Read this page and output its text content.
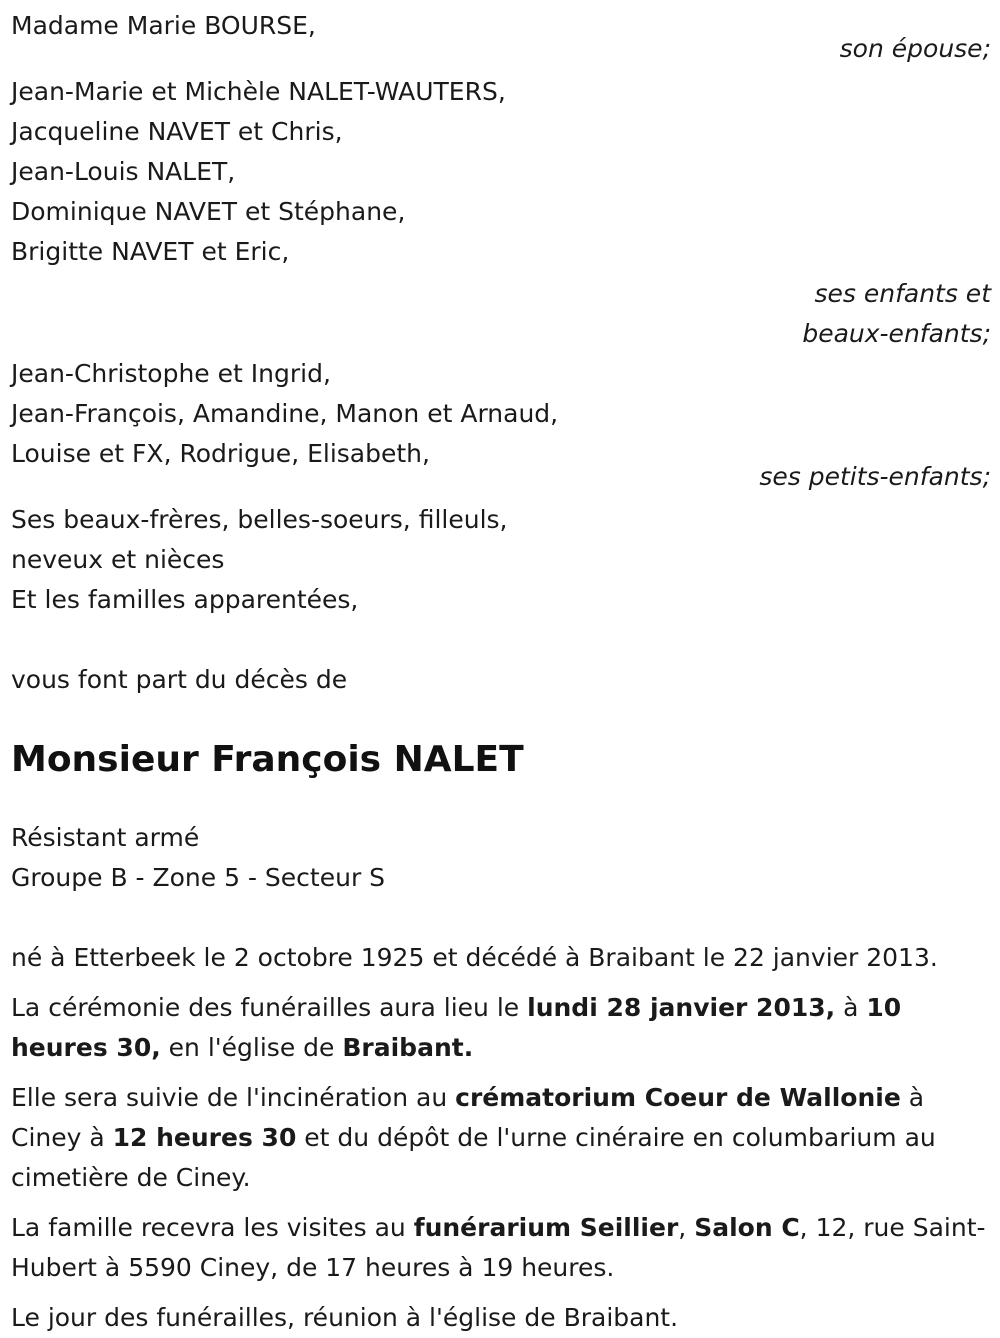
Madame Marie BOURSE,
son épouse;
Jean-Marie et Michèle NALET-WAUTERS,
Jacqueline NAVET et Chris,
Jean-Louis NALET,
Dominique NAVET et Stéphane,
Brigitte NAVET et Eric,
ses enfants et
beaux-enfants;
Jean-Christophe et Ingrid,
Jean-François, Amandine, Manon et Arnaud,
Louise et FX, Rodrigue, Elisabeth,
ses petits-enfants;
Ses beaux-frères, belles-soeurs, filleuls,
neveux et nièces
Et les familles apparentées,
vous font part du décès de
Monsieur François NALET
Résistant armé
Groupe B - Zone 5 - Secteur S

né à Etterbeek le 2 octobre 1925 et décédé à Braibant le 22 janvier 2013.

La cérémonie des funérailles aura lieu le lundi 28 janvier 2013, à 10 heures 30, en l'église de Braibant.

Elle sera suivie de l'incinération au crématorium Coeur de Wallonie à Ciney à 12 heures 30 et du dépôt de l'urne cinéraire en columbarium au cimetière de Ciney.

La famille recevra les visites au funérarium Seillier, Salon C, 12, rue Saint-Hubert à 5590 Ciney, de 17 heures à 19 heures.

Le jour des funérailles, réunion à l'église de Braibant.
